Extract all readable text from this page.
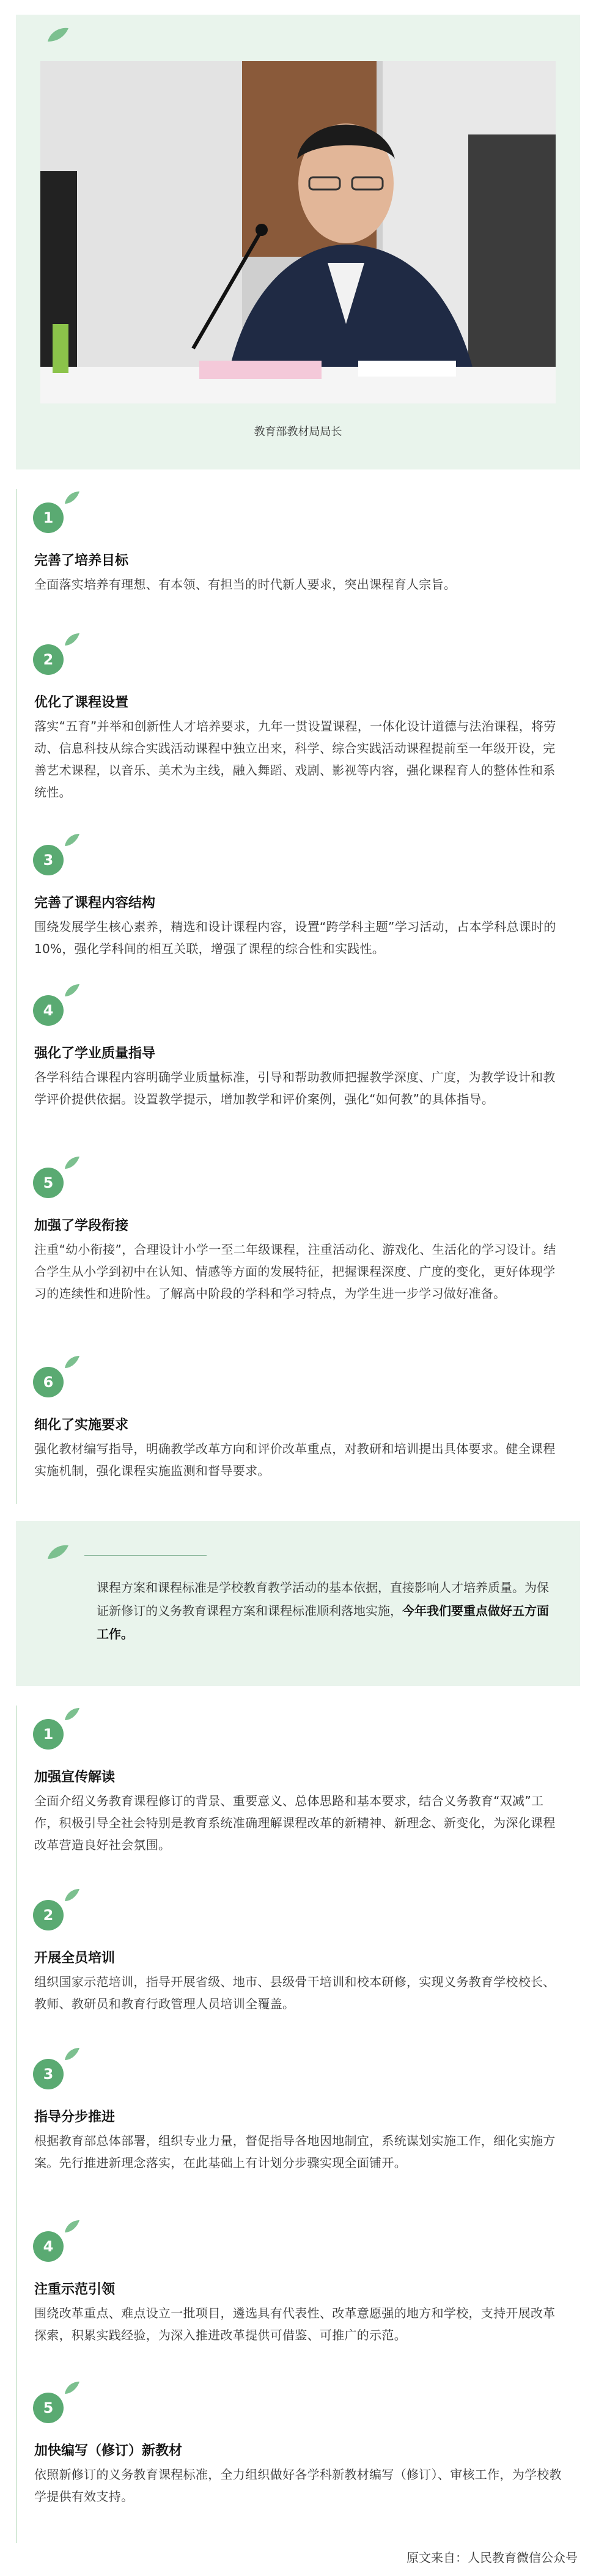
教育部教材局局长
1
完善了培养目标
全面落实培养有理想、有本领、有担当的时代新人要求，突出课程育人宗旨。
2
优化了课程设置
落实“五育”并举和创新性人才培养要求，九年一贯设置课程，一体化设计道德与法治课程，将劳动、信息科技从综合实践活动课程中独立出来，科学、综合实践活动课程提前至一年级开设，完善艺术课程，以音乐、美术为主线，融入舞蹈、戏剧、影视等内容，强化课程育人的整体性和系统性。
3
完善了课程内容结构
围绕发展学生核心素养，精选和设计课程内容，设置“跨学科主题”学习活动，占本学科总课时的10%，强化学科间的相互关联，增强了课程的综合性和实践性。
4
强化了学业质量指导
各学科结合课程内容明确学业质量标准，引导和帮助教师把握教学深度、广度，为教学设计和教学评价提供依据。设置教学提示，增加教学和评价案例，强化“如何教”的具体指导。
5
加强了学段衔接
注重“幼小衔接”，合理设计小学一至二年级课程，注重活动化、游戏化、生活化的学习设计。结合学生从小学到初中在认知、情感等方面的发展特征，把握课程深度、广度的变化，更好体现学习的连续性和进阶性。了解高中阶段的学科和学习特点，为学生进一步学习做好准备。
6
细化了实施要求
强化教材编写指导，明确教学改革方向和评价改革重点，对教研和培训提出具体要求。健全课程实施机制，强化课程实施监测和督导要求。
课程方案和课程标准是学校教育教学活动的基本依据，直接影响人才培养质量。为保证新修订的义务教育课程方案和课程标准顺利落地实施，今年我们要重点做好五方面工作。
1
加强宣传解读
全面介绍义务教育课程修订的背景、重要意义、总体思路和基本要求，结合义务教育“双减”工作，积极引导全社会特别是教育系统准确理解课程改革的新精神、新理念、新变化，为深化课程改革营造良好社会氛围。
2
开展全员培训
组织国家示范培训，指导开展省级、地市、县级骨干培训和校本研修，实现义务教育学校校长、教师、教研员和教育行政管理人员培训全覆盖。
3
指导分步推进
根据教育部总体部署，组织专业力量，督促指导各地因地制宜，系统谋划实施工作，细化实施方案。先行推进新理念落实，在此基础上有计划分步骤实现全面铺开。
4
注重示范引领
围绕改革重点、难点设立一批项目，遴选具有代表性、改革意愿强的地方和学校，支持开展改革探索，积累实践经验，为深入推进改革提供可借鉴、可推广的示范。
5
加快编写（修订）新教材
依照新修订的义务教育课程标准，全力组织做好各学科新教材编写（修订）、审核工作，为学校教学提供有效支持。
原文来自：人民教育微信公众号
